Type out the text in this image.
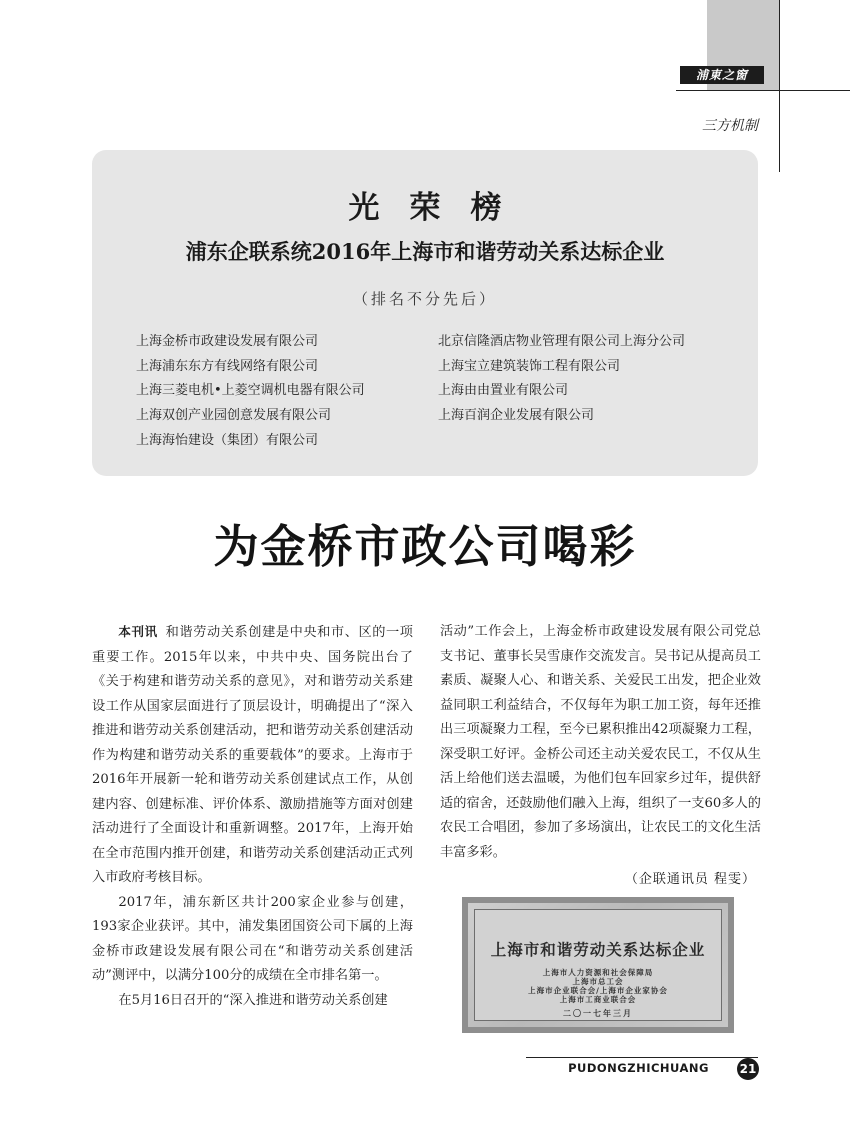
浦東之窗
三方机制
光荣榜
浦东企联系统2016年上海市和谐劳动关系达标企业
（排名不分先后）
上海金桥市政建设发展有限公司
上海浦东东方有线网络有限公司
上海三菱电机•上菱空调机电器有限公司
上海双创产业园创意发展有限公司
上海海怡建设（集团）有限公司
北京信隆酒店物业管理有限公司上海分公司
上海宝立建筑装饰工程有限公司
上海由由置业有限公司
上海百润企业发展有限公司
为金桥市政公司喝彩

本刊讯 和谐劳动关系创建是中央和市、区的一项重要工作。2015年以来，中共中央、国务院出台了《关于构建和谐劳动关系的意见》，对和谐劳动关系建设工作从国家层面进行了顶层设计，明确提出了“深入推进和谐劳动关系创建活动，把和谐劳动关系创建活动作为构建和谐劳动关系的重要载体”的要求。上海市于2016年开展新一轮和谐劳动关系创建试点工作，从创建内容、创建标准、评价体系、激励措施等方面对创建活动进行了全面设计和重新调整。2017年，上海开始在全市范围内推开创建，和谐劳动关系创建活动正式列入市政府考核目标。

2017年，浦东新区共计200家企业参与创建，193家企业获评。其中，浦发集团国资公司下属的上海金桥市政建设发展有限公司在“和谐劳动关系创建活动”测评中，以满分100分的成绩在全市排名第一。

在5月16日召开的“深入推进和谐劳动关系创建

活动”工作会上，上海金桥市政建设发展有限公司党总支书记、董事长吴雪康作交流发言。吴书记从提高员工素质、凝聚人心、和谐关系、关爱民工出发，把企业效益同职工利益结合，不仅每年为职工加工资，每年还推出三项凝聚力工程，至今已累积推出42项凝聚力工程，深受职工好评。金桥公司还主动关爱农民工，不仅从生活上给他们送去温暖，为他们包车回家乡过年，提供舒适的宿舍，还鼓励他们融入上海，组织了一支60多人的农民工合唱团，参加了多场演出，让农民工的文化生活丰富多彩。

（企联通讯员 程雯）
上海市和谐劳动关系达标企业
上海市人力资源和社会保障局
上海市总工会
上海市企业联合会/上海市企业家协会
上海市工商业联合会
二〇一七年三月
PUDONGZHICHUANG	21
